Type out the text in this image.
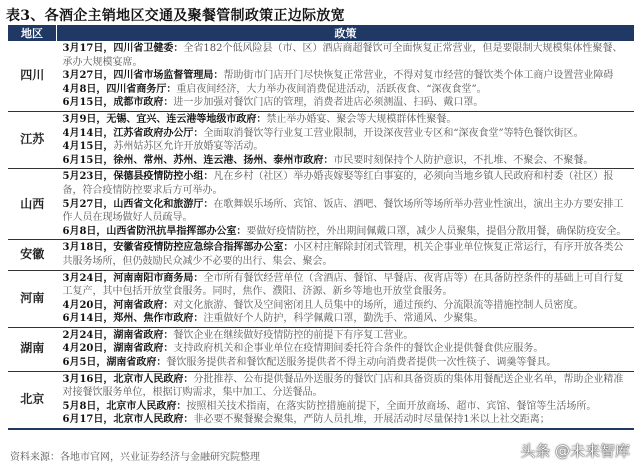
表3、各酒企主销地区交通及聚餐管制政策正边际放宽
地区	政策
四川	3月17日，四川省卫健委：全省182个低风险县（市、区）酒店商超餐饮可全面恢复正常营业，但是要限制大规模集体性聚餐、承办大规模宴席。
3月27日，四川省市场监督管理局：帮助街市门店开门尽快恢复正常营业，不得对复市经营的餐饮类个体工商户设置营业障碍
4月8日，四川省商务厅：重启夜间经济，大力举办夜间消费促进活动，活跃夜食、“深夜食堂”。
6月15日，成都市政府：进一步加强对餐饮门店的管理，消费者进店必须测温、扫码、戴口罩。

江苏	3月9日，无锡、宜兴、连云港等地级市政府：禁止举办婚宴、聚会等大规模群体性聚餐。
4月14日，江苏省政府办公厅：全面取消餐饮等行业复工营业限制，开设深夜营业专区和“深夜食堂”等特色餐饮街区。
4月15日，苏州姑苏区允许开放婚宴等活动。
6月15日，徐州、常州、苏州、连云港、扬州、泰州市政府：市民要时刻保持个人防护意识，不扎堆、不聚会、不聚餐。

山西	5月23日，保德县疫情防控小组：凡在乡村（社区）举办婚丧嫁娶等红白事宴的，必须向当地乡镇人民政府和村委（社区）报备，符合疫情防控要求后方可举办。
5月27日，山西省文化和旅游厅：在歌舞娱乐场所、宾馆、饭店、酒吧、餐饮场所等场所举办营业性演出，演出主办方要安排工作人员在现场做好人员疏导。
6月8日，山西省防汛抗旱指挥部办公室：要做好疫情防控，外出期间佩戴口罩，减少人员聚集，提倡分散用餐，确保防疫安全。

安徽	3月18日，安徽省疫情防控应急综合指挥部办公室：小区村庄解除封闭式管理，机关企事业单位恢复正常运行，有序开放各类公共服务场所，但仍鼓励民众减少不必要的出行、集会、聚会。

河南	3月24日，河南南阳市商务局：全市所有餐饮经营单位（含酒店、餐馆、早餐店、夜宵店等）在具备防控条件的基础上可自行复工复产，其中包括开放堂食服务。同时，焦作、濮阳、济源、新乡等地也开放堂食服务。
4月20日，河南省政府：对文化旅游、餐饮及空间密闭且人员集中的场所，通过预约、分流限流等措施控制人员密度。
6月14日，郑州、焦作市政府：注重做好个人防护，科学佩戴口罩，勤洗手、常通风、少聚集。

湖南	2月24日，湖南省政府：餐饮企业在继续做好疫情防控的前提下有序复工营业。
4月20日，湖南省政府：支持政府机关和企事业单位在疫情期间委托符合条件的餐饮企业提供餐食供应服务。
6月5日，湖南省政府：餐饮服务提供者和餐饮配送服务提供者不得主动向消费者提供一次性筷子、调羹等餐具。

北京	3月16日，北京市人民政府：分批推荐、公布提供餐品外送服务的餐饮门店和具备资质的集体用餐配送企业名单，帮助企业精准对接餐饮服务单位，根据订购需求，集中加工、分送餐品。
5月8日，北京市人民政府：按照相关技术指南，在落实防控措施前提下，全面开放商场、超市、宾馆、餐馆等生活场所。
6月17日，北京市人民政府：非必要不聚餐聚会聚集，严防人员扎堆，开展活动时尽量保持1米以上社交距离；
资料来源：各地市官网，兴业证券经济与金融研究院整理	头条 @未来智库
